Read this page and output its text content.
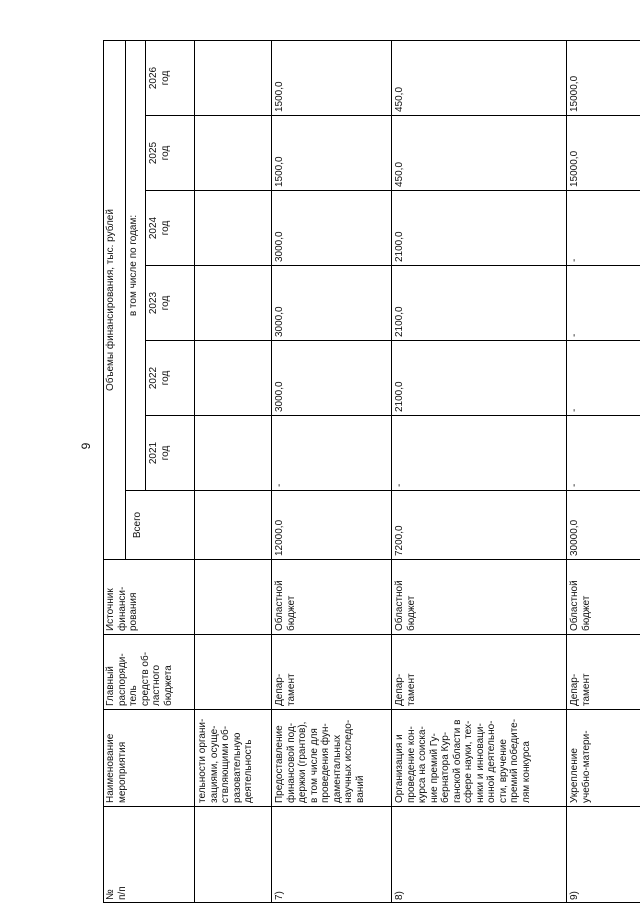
9
№
п/п
Наименование
мероприятия
Главный
распоряди-
тель
средств об-
ластного
бюджета
Источник
финанси-
рования
Объемы финансирования, тыс. рублей
Всего
в том числе по годам:
2021
год
2022
год
2023
год
2024
год
2025
год
2026
год
тельности органи-
зациями, осуще-
ствляющими об-
разовательную
деятельность
7)
Предоставление
финансовой под-
держки (грантов),
в том числе для
проведения фун-
даментальных
научных исследо-
ваний
Депар-
тамент
Областной
бюджет
12000,0
-
3000,0
3000,0
3000,0
1500,0
1500,0
8)
Организация и
проведение кон-
курса на соиска-
ние премий Гу-
бернатора Кур-
ганской области в
сфере науки, тех-
ники и инноваци-
онной деятельно-
сти, вручение
премий победите-
лям конкурса
Депар-
тамент
Областной
бюджет
7200,0
-
2100,0
2100,0
2100,0
450,0
450,0
9)
Укрепление
учебно-матери-
Депар-
тамент
Областной
бюджет
30000,0
-
-
-
-
15000,0
15000,0
